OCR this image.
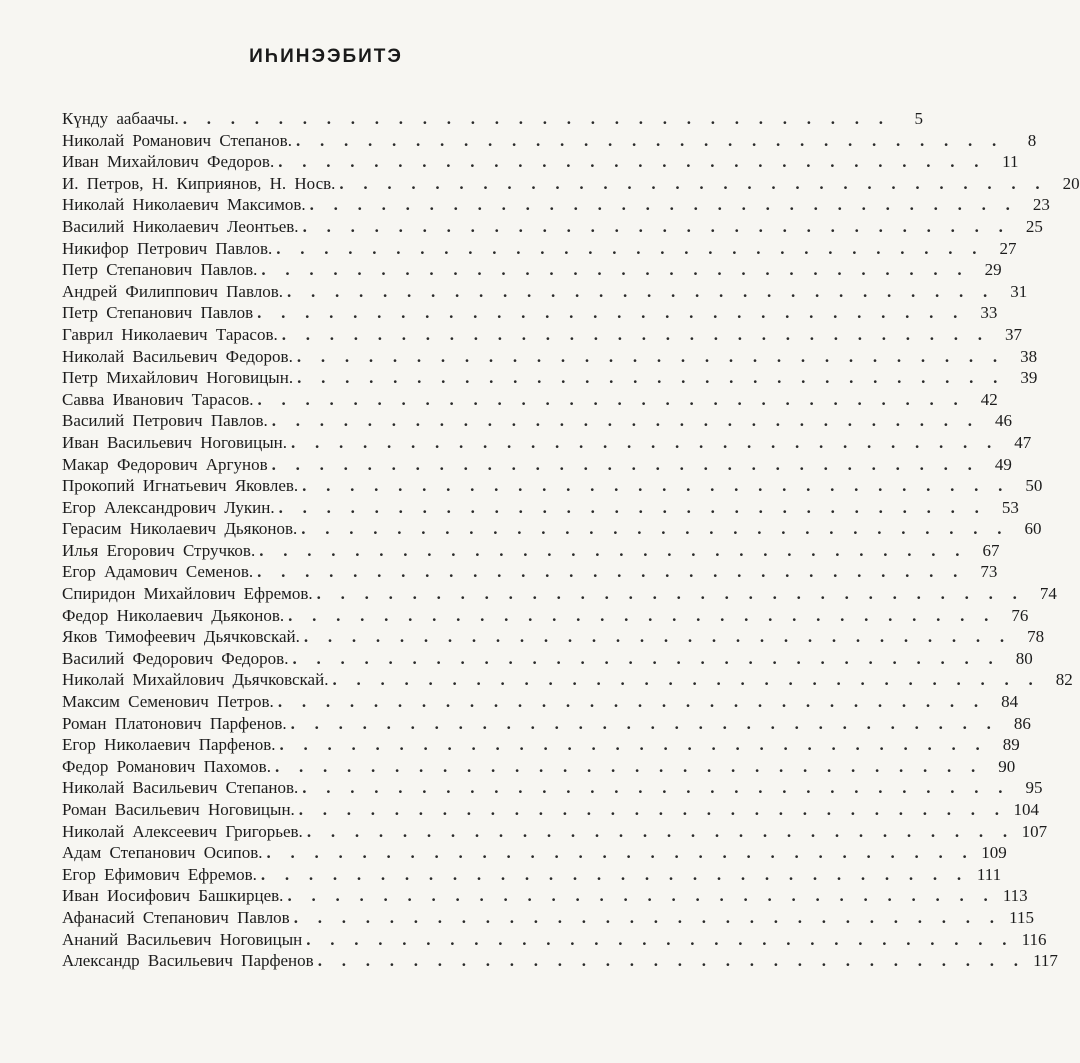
ИҺИНЭЭБИТЭ
Күнду аабаачы. . . . . . . . . . . . . . . . . . . . . . . . . . . . . . .	5
Николай Романович Степанов. . . . . . . . . . . . . . . . . . . . . . . . . . . . . . .	8
Иван Михайлович Федоров. . . . . . . . . . . . . . . . . . . . . . . . . . . . . . .	11
И. Петров, Н. Киприянов, Н. Носв. . . . . . . . . . . . . . . . . . . . . . . . . . . . . . .	20
Николай Николаевич Максимов. . . . . . . . . . . . . . . . . . . . . . . . . . . . . . .	23
Василий Николаевич Леонтьев. . . . . . . . . . . . . . . . . . . . . . . . . . . . . . .	25
Никифор Петрович Павлов. . . . . . . . . . . . . . . . . . . . . . . . . . . . . . .	27
Петр Степанович Павлов. . . . . . . . . . . . . . . . . . . . . . . . . . . . . . .	29
Андрей Филиппович Павлов. . . . . . . . . . . . . . . . . . . . . . . . . . . . . . .	31
Петр Степанович Павлов . . . . . . . . . . . . . . . . . . . . . . . . . . . . . .	33
Гаврил Николаевич Тарасов. . . . . . . . . . . . . . . . . . . . . . . . . . . . . . .	37
Николай Васильевич Федоров. . . . . . . . . . . . . . . . . . . . . . . . . . . . . . .	38
Петр Михайлович Ноговицын. . . . . . . . . . . . . . . . . . . . . . . . . . . . . . .	39
Савва Иванович Тарасов. . . . . . . . . . . . . . . . . . . . . . . . . . . . . . .	42
Василий Петрович Павлов. . . . . . . . . . . . . . . . . . . . . . . . . . . . . . .	46
Иван Васильевич Ноговицын. . . . . . . . . . . . . . . . . . . . . . . . . . . . . . .	47
Макар Федорович Аргунов . . . . . . . . . . . . . . . . . . . . . . . . . . . . . .	49
Прокопий Игнатьевич Яковлев. . . . . . . . . . . . . . . . . . . . . . . . . . . . . . .	50
Егор Александрович Лукин. . . . . . . . . . . . . . . . . . . . . . . . . . . . . . .	53
Герасим Николаевич Дьяконов. . . . . . . . . . . . . . . . . . . . . . . . . . . . . . .	60
Илья Егорович Стручков. . . . . . . . . . . . . . . . . . . . . . . . . . . . . . .	67
Егор Адамович Семенов. . . . . . . . . . . . . . . . . . . . . . . . . . . . . . .	73
Спиридон Михайлович Ефремов. . . . . . . . . . . . . . . . . . . . . . . . . . . . . . .	74
Федор Николаевич Дьяконов. . . . . . . . . . . . . . . . . . . . . . . . . . . . . . .	76
Яков Тимофеевич Дьячковскай. . . . . . . . . . . . . . . . . . . . . . . . . . . . . . .	78
Василий Федорович Федоров. . . . . . . . . . . . . . . . . . . . . . . . . . . . . . .	80
Николай Михайлович Дьячковскай. . . . . . . . . . . . . . . . . . . . . . . . . . . . . . .	82
Максим Семенович Петров. . . . . . . . . . . . . . . . . . . . . . . . . . . . . . .	84
Роман Платонович Парфенов. . . . . . . . . . . . . . . . . . . . . . . . . . . . . . .	86
Егор Николаевич Парфенов. . . . . . . . . . . . . . . . . . . . . . . . . . . . . . .	89
Федор Романович Пахомов. . . . . . . . . . . . . . . . . . . . . . . . . . . . . . .	90
Николай Васильевич Степанов. . . . . . . . . . . . . . . . . . . . . . . . . . . . . . .	95
Роман Васильевич Ноговицын. . . . . . . . . . . . . . . . . . . . . . . . . . . . . . . 104
Николай Алексеевич Григорьев. . . . . . . . . . . . . . . . . . . . . . . . . . . . . . . 107
Адам Степанович Осипов. . . . . . . . . . . . . . . . . . . . . . . . . . . . . . . 109
Егор Ефимович Ефремов. . . . . . . . . . . . . . . . . . . . . . . . . . . . . . . 111
Иван Иосифович Башкирцев. . . . . . . . . . . . . . . . . . . . . . . . . . . . . . . 113
Афанасий Степанович Павлов . . . . . . . . . . . . . . . . . . . . . . . . . . . . . . 115
Ананий Васильевич Ноговицын . . . . . . . . . . . . . . . . . . . . . . . . . . . . . . 116
Александр Васильевич Парфенов . . . . . . . . . . . . . . . . . . . . . . . . . . . . . . 117
